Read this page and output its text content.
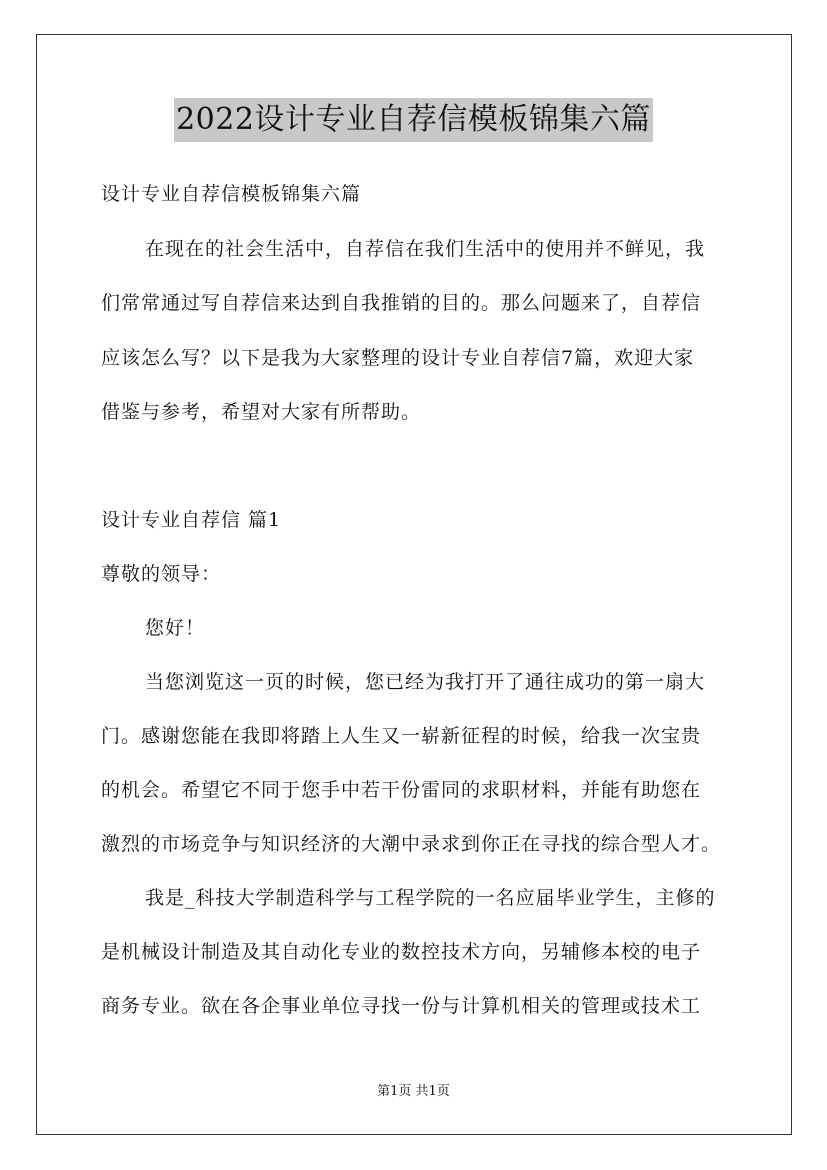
2022设计专业自荐信模板锦集六篇
设计专业自荐信模板锦集六篇
在现在的社会生活中，自荐信在我们生活中的使用并不鲜见，我
们常常通过写自荐信来达到自我推销的目的。那么问题来了，自荐信
应该怎么写？以下是我为大家整理的设计专业自荐信7篇，欢迎大家
借鉴与参考，希望对大家有所帮助。
设计专业自荐信 篇1
尊敬的领导：
您好！
当您浏览这一页的时候，您已经为我打开了通往成功的第一扇大
门。感谢您能在我即将踏上人生又一崭新征程的时候，给我一次宝贵
的机会。希望它不同于您手中若干份雷同的求职材料，并能有助您在
激烈的市场竞争与知识经济的大潮中录求到你正在寻找的综合型人才。
我是_科技大学制造科学与工程学院的一名应届毕业学生，主修的
是机械设计制造及其自动化专业的数控技术方向，另辅修本校的电子
商务专业。欲在各企事业单位寻找一份与计算机相关的管理或技术工
第1页 共1页
